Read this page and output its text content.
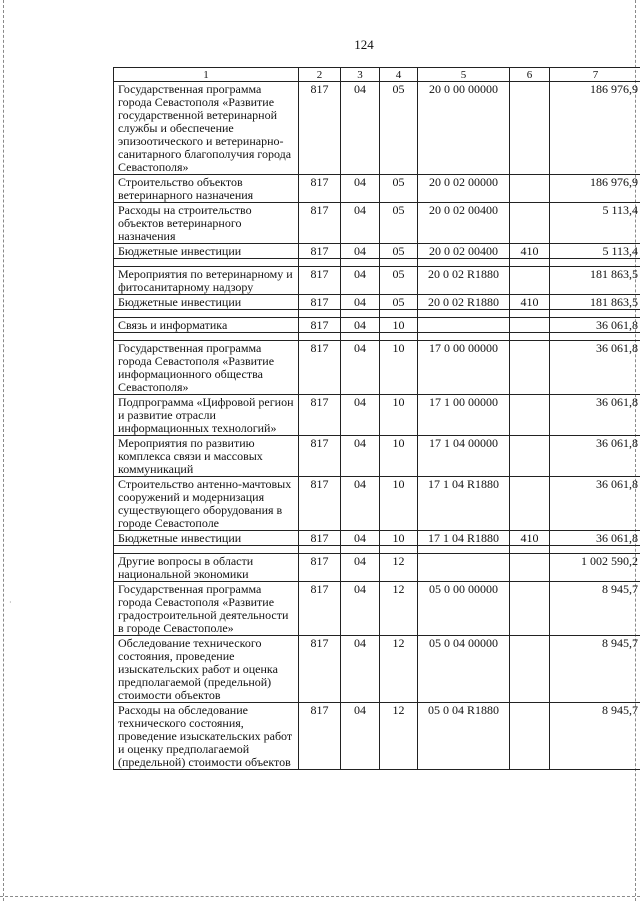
·
124
1	2	3	4	5	6	7
Государственная программа города Севастополя «Развитие государственной ветеринарной службы и обеспечение эпизоотического и ветеринарно-санитарного благополучия города Севастополя»	817	04	05	20 0 00 00000		186 976,9
Строительство объектов ветеринарного назначения	817	04	05	20 0 02 00000		186 976,9
Расходы на строительство объектов ветеринарного назначения	817	04	05	20 0 02 00400		5 113,4
Бюджетные инвестиции	817	04	05	20 0 02 00400	410	5 113,4

Мероприятия по ветеринарному и фитосанитарному надзору	817	04	05	20 0 02 R1880		181 863,5
Бюджетные инвестиции	817	04	05	20 0 02 R1880	410	181 863,5

Связь и информатика	817	04	10			36 061,8

Государственная программа города Севастополя «Развитие информационного общества Севастополя»	817	04	10	17 0 00 00000		36 061,8
Подпрограмма «Цифровой регион и развитие отрасли информационных технологий»	817	04	10	17 1 00 00000		36 061,8
Мероприятия по развитию комплекса связи и массовых коммуникаций	817	04	10	17 1 04 00000		36 061,8
Строительство антенно-мачтовых сооружений и модернизация существующего оборудования в городе Севастополе	817	04	10	17 1 04 R1880		36 061,8
Бюджетные инвестиции	817	04	10	17 1 04 R1880	410	36 061,8

Другие вопросы в области национальной экономики	817	04	12			1 002 590,2
Государственная программа города Севастополя «Развитие градостроительной деятельности в городе Севастополе»	817	04	12	05 0 00 00000		8 945,7
Обследование технического состояния, проведение изыскательских работ и оценка предполагаемой (предельной) стоимости объектов	817	04	12	05 0 04 00000		8 945,7
Расходы на обследование технического состояния, проведение изыскательских работ и оценку предполагаемой (предельной) стоимости объектов	817	04	12	05 0 04 R1880		8 945,7
